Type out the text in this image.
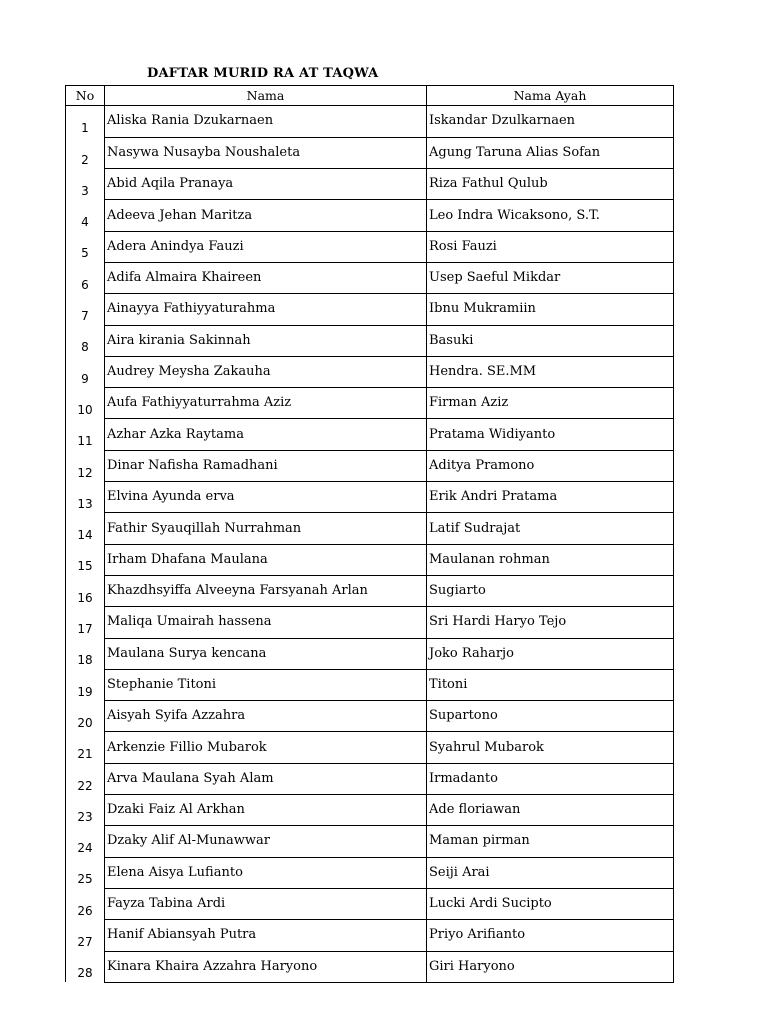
DAFTAR MURID RA AT TAQWA
No	Nama	Nama Ayah
1	Aliska Rania Dzukarnaen	Iskandar Dzulkarnaen
2	Nasywa Nusayba Noushaleta	Agung Taruna Alias Sofan
3	Abid Aqila Pranaya	Riza Fathul Qulub
4	Adeeva Jehan Maritza	Leo Indra Wicaksono, S.T.
5	Adera Anindya Fauzi	Rosi Fauzi
6	Adifa Almaira Khaireen	Usep Saeful Mikdar
7	Ainayya Fathiyyaturahma	Ibnu Mukramiin
8	Aira kirania Sakinnah	Basuki
9	Audrey Meysha Zakauha	Hendra. SE.MM
10	Aufa Fathiyyaturrahma Aziz	Firman Aziz
11	Azhar Azka Raytama	Pratama Widiyanto
12	Dinar Nafisha Ramadhani	Aditya Pramono
13	Elvina Ayunda erva	Erik Andri Pratama
14	Fathir Syauqillah Nurrahman	Latif Sudrajat
15	Irham Dhafana Maulana	Maulanan rohman
16	Khazdhsyiffa Alveeyna Farsyanah Arlan	Sugiarto
17	Maliqa Umairah hassena	Sri Hardi Haryo Tejo
18	Maulana Surya kencana	Joko Raharjo
19	Stephanie Titoni	Titoni
20	Aisyah Syifa Azzahra	Supartono
21	Arkenzie Fillio Mubarok	Syahrul Mubarok
22	Arva Maulana Syah Alam	Irmadanto
23	Dzaki Faiz Al Arkhan	Ade floriawan
24	Dzaky Alif Al-Munawwar	Maman pirman
25	Elena Aisya Lufianto	Seiji Arai
26	Fayza Tabina Ardi	Lucki Ardi Sucipto
27	Hanif Abiansyah Putra	Priyo Arifianto
28	Kinara Khaira Azzahra Haryono	Giri Haryono
